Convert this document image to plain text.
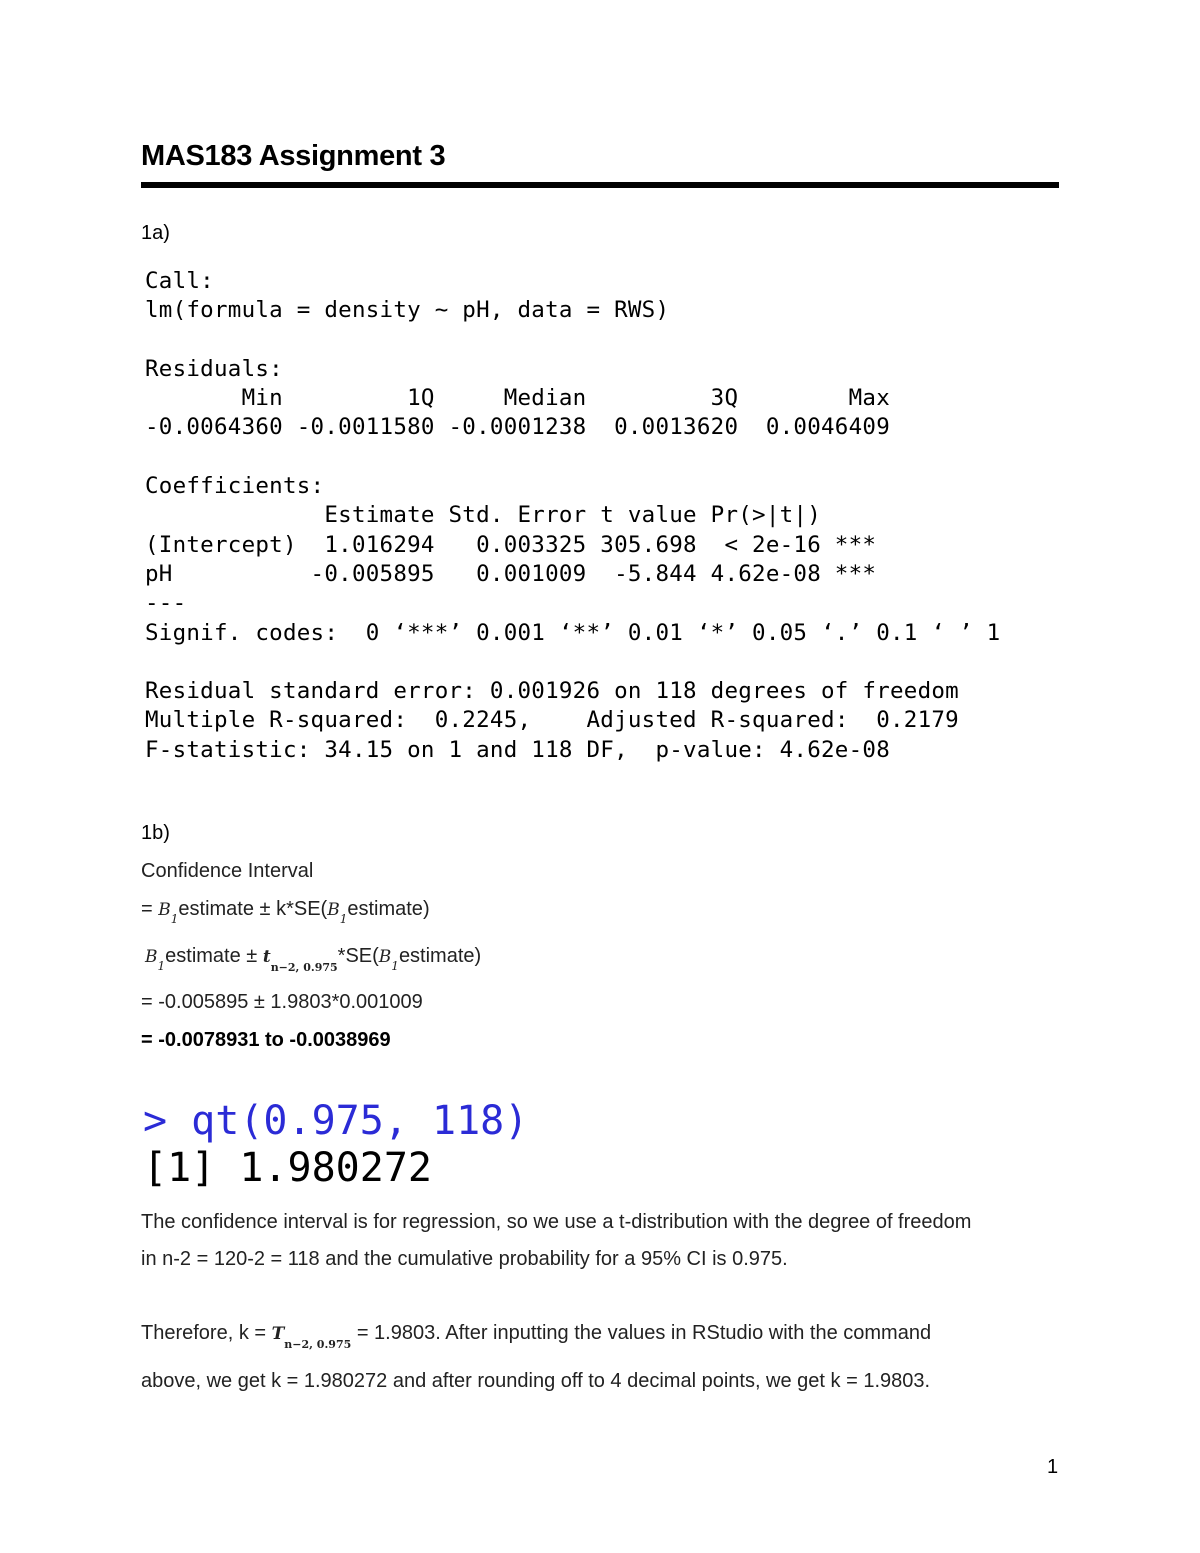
MAS183 Assignment 3
1a)
Call:
lm(formula = density ~ pH, data = RWS)

Residuals:
Min         1Q     Median         3Q        Max
-0.0064360 -0.0011580 -0.0001238  0.0013620  0.0046409

Coefficients:
Estimate Std. Error t value Pr(>|t|)
(Intercept)  1.016294   0.003325 305.698  < 2e-16 ***
pH          -0.005895   0.001009  -5.844 4.62e-08 ***
---
Signif. codes:  0 ‘***’ 0.001 ‘**’ 0.01 ‘*’ 0.05 ‘.’ 0.1 ‘ ’ 1

Residual standard error: 0.001926 on 118 degrees of freedom
Multiple R-squared:  0.2245,	Adjusted R-squared:  0.2179
F-statistic: 34.15 on 1 and 118 DF,  p-value: 4.62e-08
1b)
Confidence Interval
= $B_1estimate$ ± $k*SE(B_1estimate)$
$B_1estimate$ ± $t_{n-2, 0.975}*SE(B_1estimate)$
= -0.005895 ± 1.9803*0.001009
= -0.0078931 to -0.0038969
> qt(0.975, 118)
[1] 1.980272
The confidence interval is for regression, so we use a t-distribution with the degree of freedom
in n-2 = 120-2 = 118 and the cumulative probability for a 95% CI is 0.975.
Therefore, $k = T_{n-2, 0.975} = 1.9803$. After inputting the values in RStudio with the command
above, we get k = 1.980272 and after rounding off to 4 decimal points, we get k = 1.9803.
1
